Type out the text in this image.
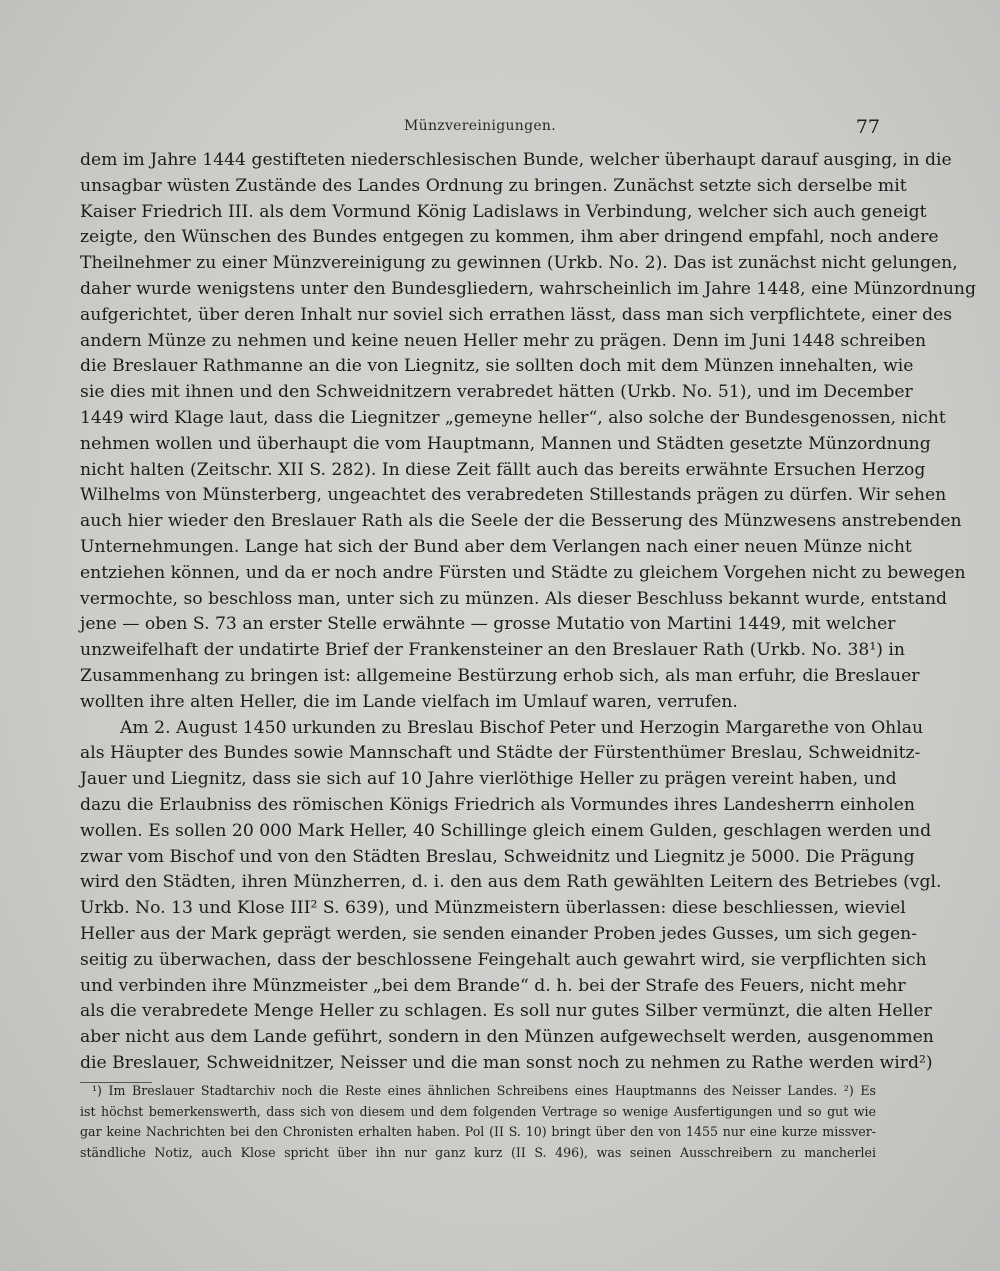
Münzvereinigungen.	77
dem im Jahre 1444 gestifteten niederschlesischen Bunde, welcher überhaupt darauf ausging, in die
unsagbar wüsten Zustände des Landes Ordnung zu bringen. Zunächst setzte sich derselbe mit
Kaiser Friedrich III. als dem Vormund König Ladislaws in Verbindung, welcher sich auch geneigt
zeigte, den Wünschen des Bundes entgegen zu kommen, ihm aber dringend empfahl, noch andere
Theilnehmer zu einer Münzvereinigung zu gewinnen (Urkb. No. 2). Das ist zunächst nicht gelungen,
daher wurde wenigstens unter den Bundesgliedern, wahrscheinlich im Jahre 1448, eine Münzordnung
aufgerichtet, über deren Inhalt nur soviel sich errathen lässt, dass man sich verpflichtete, einer des
andern Münze zu nehmen und keine neuen Heller mehr zu prägen. Denn im Juni 1448 schreiben
die Breslauer Rathmanne an die von Liegnitz, sie sollten doch mit dem Münzen innehalten, wie
sie dies mit ihnen und den Schweidnitzern verabredet hätten (Urkb. No. 51), und im December
1449 wird Klage laut, dass die Liegnitzer „gemeyne heller“, also solche der Bundesgenossen, nicht
nehmen wollen und überhaupt die vom Hauptmann, Mannen und Städten gesetzte Münzordnung
nicht halten (Zeitschr. XII S. 282). In diese Zeit fällt auch das bereits erwähnte Ersuchen Herzog
Wilhelms von Münsterberg, ungeachtet des verabredeten Stillestands prägen zu dürfen. Wir sehen
auch hier wieder den Breslauer Rath als die Seele der die Besserung des Münzwesens anstrebenden
Unternehmungen. Lange hat sich der Bund aber dem Verlangen nach einer neuen Münze nicht
entziehen können, und da er noch andre Fürsten und Städte zu gleichem Vorgehen nicht zu bewegen
vermochte, so beschloss man, unter sich zu münzen. Als dieser Beschluss bekannt wurde, entstand
jene — oben S. 73 an erster Stelle erwähnte — grosse Mutatio von Martini 1449, mit welcher
unzweifelhaft der undatirte Brief der Frankensteiner an den Breslauer Rath (Urkb. No. 38¹) in
Zusammenhang zu bringen ist: allgemeine Bestürzung erhob sich, als man erfuhr, die Breslauer
wollten ihre alten Heller, die im Lande vielfach im Umlauf waren, verrufen.
Am 2. August 1450 urkunden zu Breslau Bischof Peter und Herzogin Margarethe von Ohlau
als Häupter des Bundes sowie Mannschaft und Städte der Fürstenthümer Breslau, Schweidnitz-
Jauer und Liegnitz, dass sie sich auf 10 Jahre vierlöthige Heller zu prägen vereint haben, und
dazu die Erlaubniss des römischen Königs Friedrich als Vormundes ihres Landesherrn einholen
wollen. Es sollen 20 000 Mark Heller, 40 Schillinge gleich einem Gulden, geschlagen werden und
zwar vom Bischof und von den Städten Breslau, Schweidnitz und Liegnitz je 5000. Die Prägung
wird den Städten, ihren Münzherren, d. i. den aus dem Rath gewählten Leitern des Betriebes (vgl.
Urkb. No. 13 und Klose III² S. 639), und Münzmeistern überlassen: diese beschliessen, wieviel
Heller aus der Mark geprägt werden, sie senden einander Proben jedes Gusses, um sich gegen-
seitig zu überwachen, dass der beschlossene Feingehalt auch gewahrt wird, sie verpflichten sich
und verbinden ihre Münzmeister „bei dem Brande“ d. h. bei der Strafe des Feuers, nicht mehr
als die verabredete Menge Heller zu schlagen. Es soll nur gutes Silber vermünzt, die alten Heller
aber nicht aus dem Lande geführt, sondern in den Münzen aufgewechselt werden, ausgenommen
die Breslauer, Schweidnitzer, Neisser und die man sonst noch zu nehmen zu Rathe werden wird²)
¹) Im Breslauer Stadtarchiv noch die Reste eines ähnlichen Schreibens eines Hauptmanns des Neisser Landes. ²) Es
ist höchst bemerkenswerth, dass sich von diesem und dem folgenden Vertrage so wenige Ausfertigungen und so gut wie
gar keine Nachrichten bei den Chronisten erhalten haben. Pol (II S. 10) bringt über den von 1455 nur eine kurze missver-
ständliche Notiz, auch Klose spricht über ihn nur ganz kurz (II S. 496), was seinen Ausschreibern zu mancherlei
